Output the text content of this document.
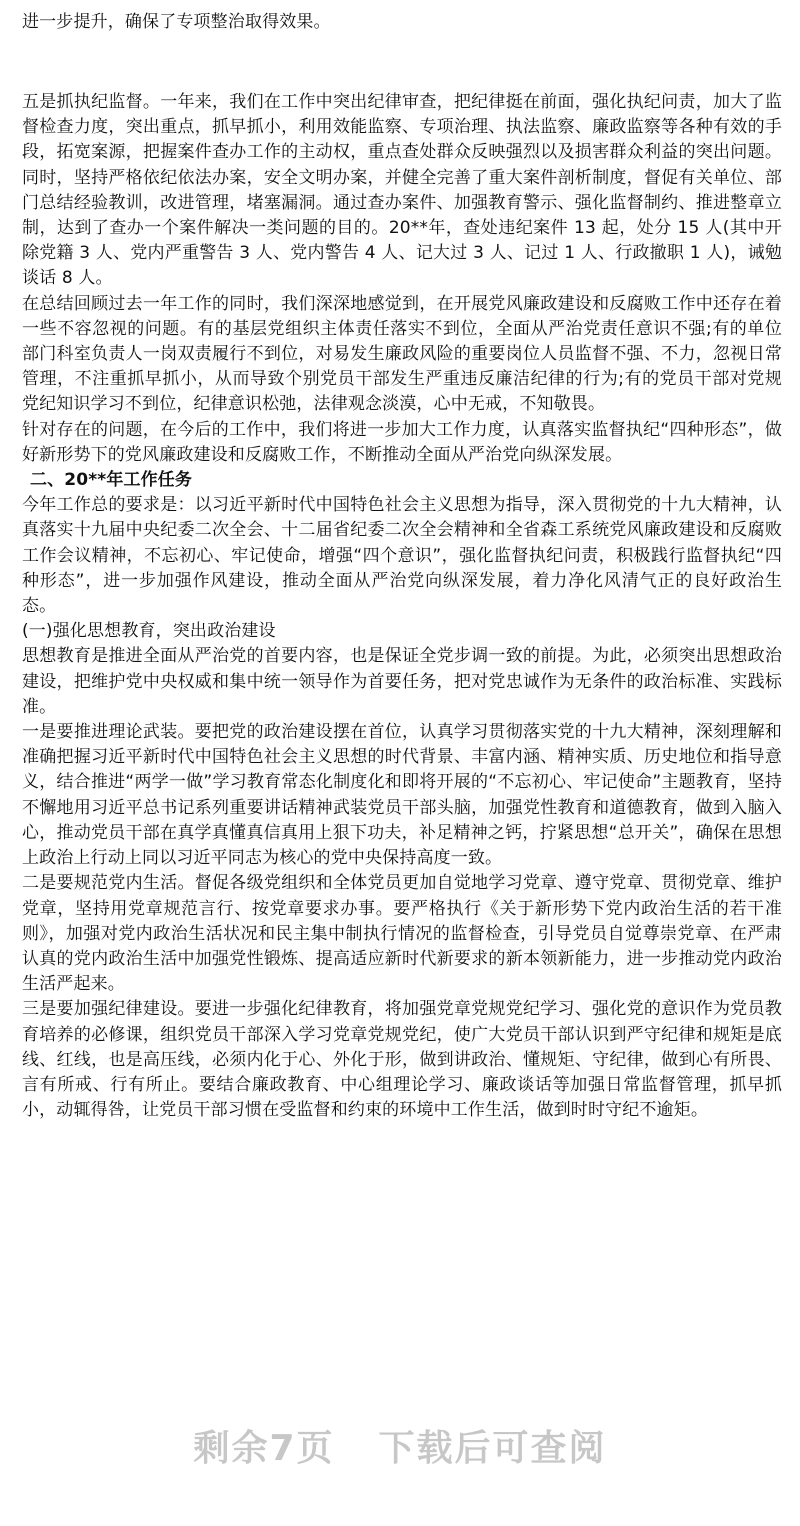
进一步提升，确保了专项整治取得效果。

五是抓执纪监督。一年来，我们在工作中突出纪律审查，把纪律挺在前面，强化执纪问责，加大了监督检查力度，突出重点，抓早抓小，利用效能监察、专项治理、执法监察、廉政监察等各种有效的手段，拓宽案源，把握案件查办工作的主动权，重点查处群众反映强烈以及损害群众利益的突出问题。同时，坚持严格依纪依法办案，安全文明办案，并健全完善了重大案件剖析制度，督促有关单位、部门总结经验教训，改进管理，堵塞漏洞。通过查办案件、加强教育警示、强化监督制约、推进整章立制，达到了查办一个案件解决一类问题的目的。20**年，查处违纪案件 13 起，处分 15 人(其中开除党籍 3 人、党内严重警告 3 人、党内警告 4 人、记大过 3 人、记过 1 人、行政撤职 1 人)，诫勉谈话 8 人。

在总结回顾过去一年工作的同时，我们深深地感觉到，在开展党风廉政建设和反腐败工作中还存在着一些不容忽视的问题。有的基层党组织主体责任落实不到位，全面从严治党责任意识不强;有的单位部门科室负责人一岗双责履行不到位，对易发生廉政风险的重要岗位人员监督不强、不力，忽视日常管理，不注重抓早抓小，从而导致个别党员干部发生严重违反廉洁纪律的行为;有的党员干部对党规党纪知识学习不到位，纪律意识松弛，法律观念淡漠，心中无戒，不知敬畏。

针对存在的问题，在今后的工作中，我们将进一步加大工作力度，认真落实监督执纪“四种形态”，做好新形势下的党风廉政建设和反腐败工作，不断推动全面从严治党向纵深发展。

二、20**年工作任务

今年工作总的要求是：以习近平新时代中国特色社会主义思想为指导，深入贯彻党的十九大精神，认真落实十九届中央纪委二次全会、十二届省纪委二次全会精神和全省森工系统党风廉政建设和反腐败工作会议精神，不忘初心、牢记使命，增强“四个意识”，强化监督执纪问责，积极践行监督执纪“四种形态”，进一步加强作风建设，推动全面从严治党向纵深发展，着力净化风清气正的良好政治生态。

(一)强化思想教育，突出政治建设

思想教育是推进全面从严治党的首要内容，也是保证全党步调一致的前提。为此，必须突出思想政治建设，把维护党中央权威和集中统一领导作为首要任务，把对党忠诚作为无条件的政治标准、实践标准。

一是要推进理论武装。要把党的政治建设摆在首位，认真学习贯彻落实党的十九大精神，深刻理解和准确把握习近平新时代中国特色社会主义思想的时代背景、丰富内涵、精神实质、历史地位和指导意义，结合推进“两学一做”学习教育常态化制度化和即将开展的“不忘初心、牢记使命”主题教育，坚持不懈地用习近平总书记系列重要讲话精神武装党员干部头脑，加强党性教育和道德教育，做到入脑入心，推动党员干部在真学真懂真信真用上狠下功夫，补足精神之钙，拧紧思想“总开关”，确保在思想上政治上行动上同以习近平同志为核心的党中央保持高度一致。

二是要规范党内生活。督促各级党组织和全体党员更加自觉地学习党章、遵守党章、贯彻党章、维护党章，坚持用党章规范言行、按党章要求办事。要严格执行《关于新形势下党内政治生活的若干准则》，加强对党内政治生活状况和民主集中制执行情况的监督检查，引导党员自觉尊崇党章、在严肃认真的党内政治生活中加强党性锻炼、提高适应新时代新要求的新本领新能力，进一步推动党内政治生活严起来。

三是要加强纪律建设。要进一步强化纪律教育，将加强党章党规党纪学习、强化党的意识作为党员教育培养的必修课，组织党员干部深入学习党章党规党纪，使广大党员干部认识到严守纪律和规矩是底线、红线，也是高压线，必须内化于心、外化于形，做到讲政治、懂规矩、守纪律，做到心有所畏、言有所戒、行有所止。要结合廉政教育、中心组理论学习、廉政谈话等加强日常监督管理，抓早抓小，动辄得咎，让党员干部习惯在受监督和约束的环境中工作生活，做到时时守纪不逾矩。

剩余7页 下载后可查阅
